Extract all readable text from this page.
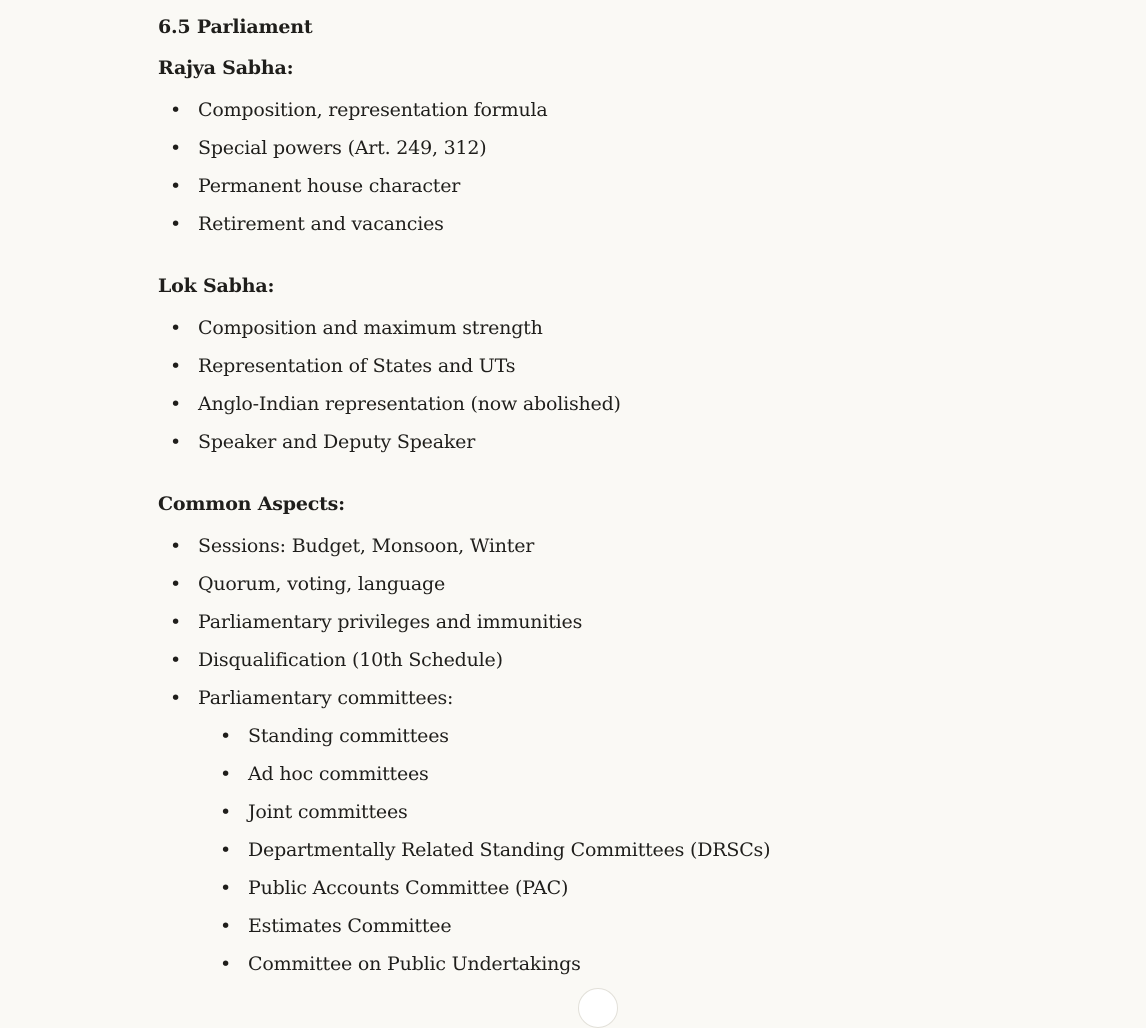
6.5 Parliament
Rajya Sabha:
• Composition, representation formula
• Special powers (Art. 249, 312)
• Permanent house character
• Retirement and vacancies
Lok Sabha:
• Composition and maximum strength
• Representation of States and UTs
• Anglo-Indian representation (now abolished)
• Speaker and Deputy Speaker
Common Aspects:
• Sessions: Budget, Monsoon, Winter
• Quorum, voting, language
• Parliamentary privileges and immunities
• Disqualification (10th Schedule)
• Parliamentary committees:
• Standing committees
• Ad hoc committees
• Joint committees
• Departmentally Related Standing Committees (DRSCs)
• Public Accounts Committee (PAC)
• Estimates Committee
• Committee on Public Undertakings
